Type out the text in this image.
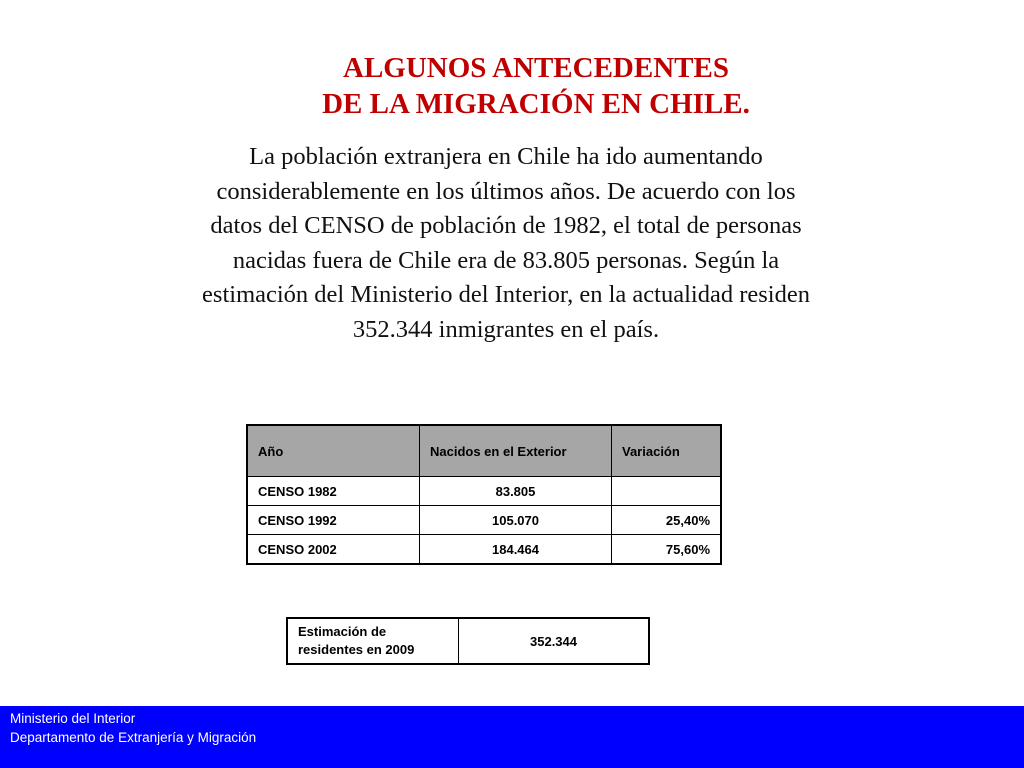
ALGUNOS ANTECEDENTES
DE LA MIGRACIÓN EN CHILE.

La población extranjera en Chile ha ido aumentando considerablemente en los últimos años. De acuerdo con los datos del CENSO de población de 1982, el total de personas nacidas fuera de Chile era de 83.805 personas. Según la estimación del Ministerio del Interior, en la actualidad residen 352.344 inmigrantes en el país.

Año	Nacidos en el Exterior	Variación
CENSO 1982	83.805	
CENSO 1992	105.070	25,40%
CENSO 2002	184.464	75,60%
Estimación de residentes en 2009	352.344
Ministerio del Interior
Departamento de Extranjería y Migración
